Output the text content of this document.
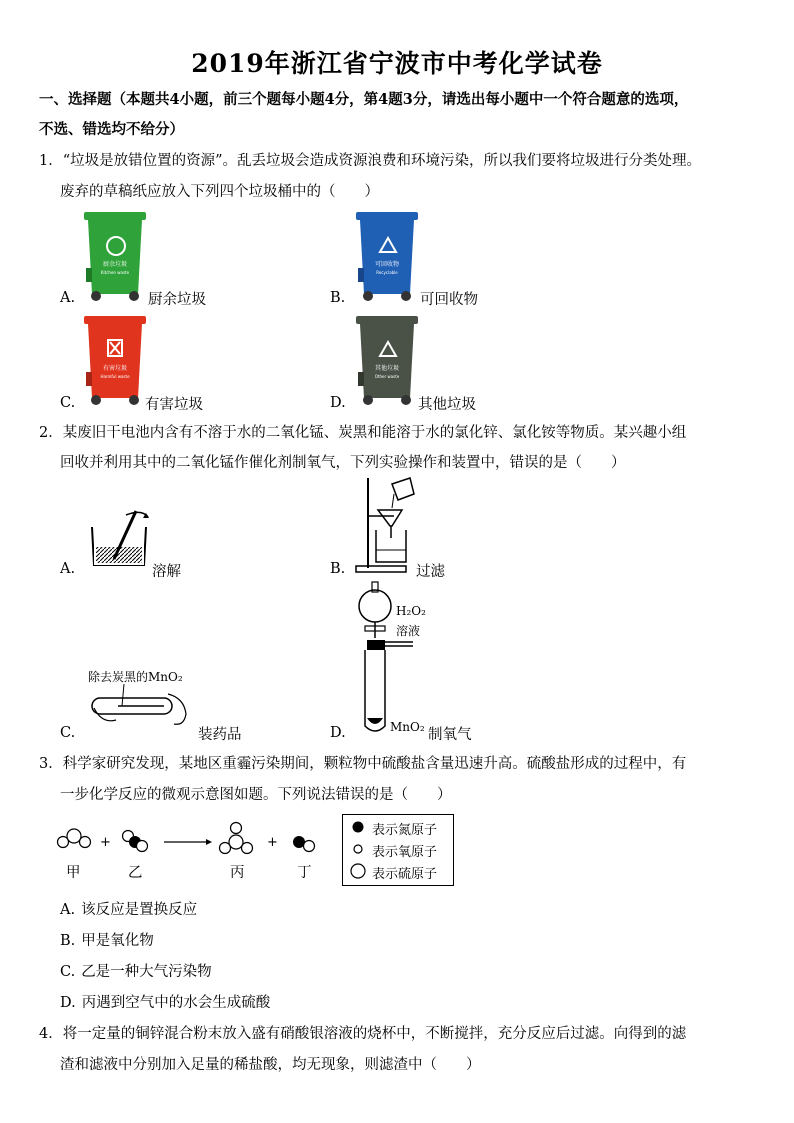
2019年浙江省宁波市中考化学试卷
一、选择题（本题共4小题，前三个题每小题4分，第4题3分，请选出每小题中一个符合题意的选项，
不选、错选均不给分）
1．“垃圾是放错位置的资源”。乱丢垃圾会造成资源浪费和环境污染，所以我们要将垃圾进行分类处理。
废弃的草稿纸应放入下列四个垃圾桶中的（　　）
厨余垃圾
Kitchen waste
A.	厨余垃圾
可回收物
Recyclable
B.	可回收物
有害垃圾
Harmful waste
C.	有害垃圾
其他垃圾
Other waste
D.	其他垃圾
2．某废旧干电池内含有不溶于水的二氧化锰、炭黑和能溶于水的氯化锌、氯化铵等物质。某兴趣小组
回收并利用其中的二氧化锰作催化剂制氧气，下列实验操作和装置中，错误的是（　　）
A.	溶解	B.	过滤
除去炭黑的MnO₂
C.	装药品
H₂O₂
溶液
MnO₂
D.	制氧气
3．科学家研究发现，某地区重霾污染期间，颗粒物中硫酸盐含量迅速升高。硫酸盐形成的过程中，有
一步化学反应的微观示意图如题。下列说法错误的是（　　）
+	+
甲	乙	丙	丁
表示氮原子
表示氧原子
表示硫原子
A. 该反应是置换反应
B. 甲是氧化物
C. 乙是一种大气污染物
D. 丙遇到空气中的水会生成硫酸
4．将一定量的铜锌混合粉末放入盛有硝酸银溶液的烧杯中，不断搅拌，充分反应后过滤。向得到的滤
渣和滤液中分别加入足量的稀盐酸，均无现象，则滤渣中（　　）
